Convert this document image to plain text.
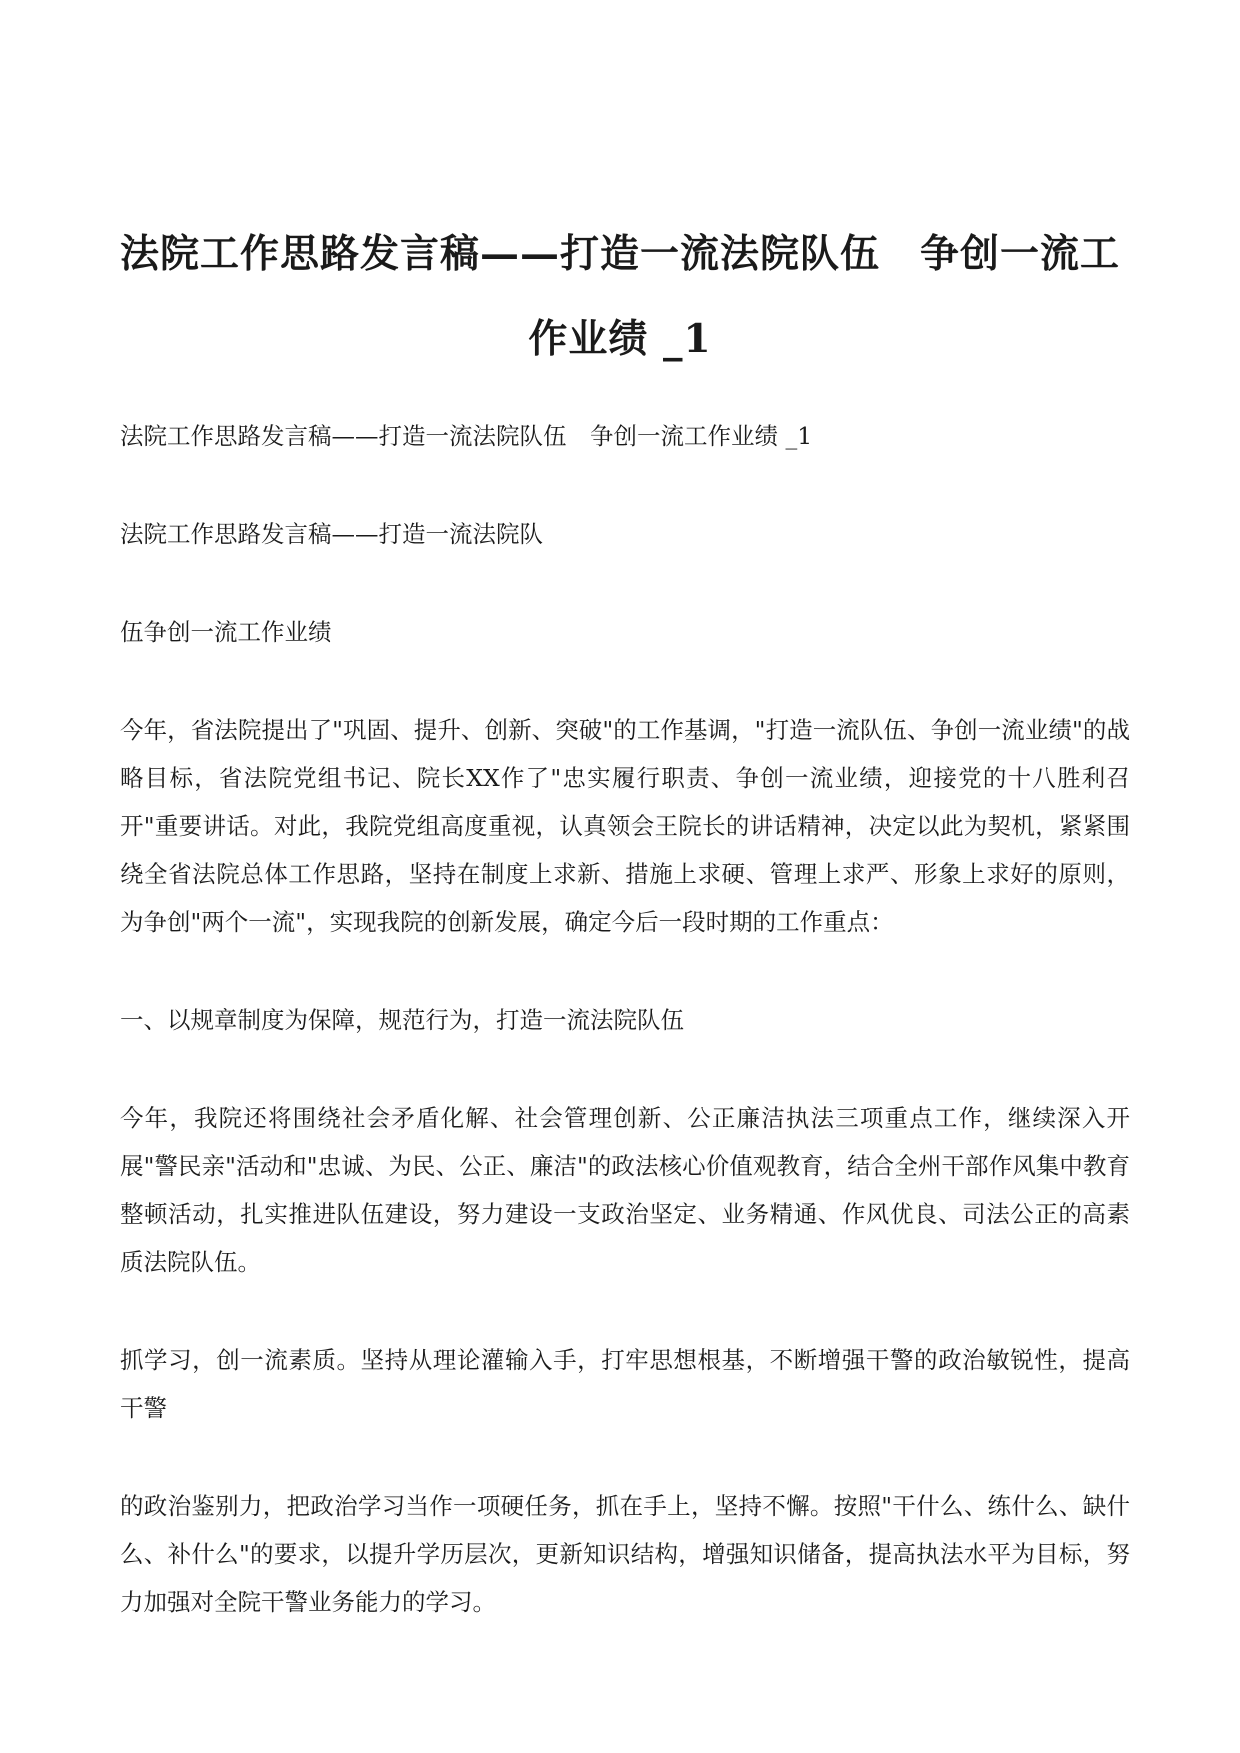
法院工作思路发言稿——打造一流法院队伍　争创一流工作业绩 _1

法院工作思路发言稿——打造一流法院队伍　争创一流工作业绩 _1

法院工作思路发言稿——打造一流法院队

伍争创一流工作业绩

今年，省法院提出了"巩固、提升、创新、突破"的工作基调，"打造一流队伍、争创一流业绩"的战略目标，省法院党组书记、院长XX作了"忠实履行职责、争创一流业绩，迎接党的十八胜利召开"重要讲话。对此，我院党组高度重视，认真领会王院长的讲话精神，决定以此为契机，紧紧围绕全省法院总体工作思路，坚持在制度上求新、措施上求硬、管理上求严、形象上求好的原则，为争创"两个一流"，实现我院的创新发展，确定今后一段时期的工作重点：

一、以规章制度为保障，规范行为，打造一流法院队伍

今年，我院还将围绕社会矛盾化解、社会管理创新、公正廉洁执法三项重点工作，继续深入开展"警民亲"活动和"忠诚、为民、公正、廉洁"的政法核心价值观教育，结合全州干部作风集中教育整顿活动，扎实推进队伍建设，努力建设一支政治坚定、业务精通、作风优良、司法公正的高素质法院队伍。

抓学习，创一流素质。坚持从理论灌输入手，打牢思想根基，不断增强干警的政治敏锐性，提高干警

的政治鉴别力，把政治学习当作一项硬任务，抓在手上，坚持不懈。按照"干什么、练什么、缺什么、补什么"的要求，以提升学历层次，更新知识结构，增强知识储备，提高执法水平为目标，努力加强对全院干警业务能力的学习。
